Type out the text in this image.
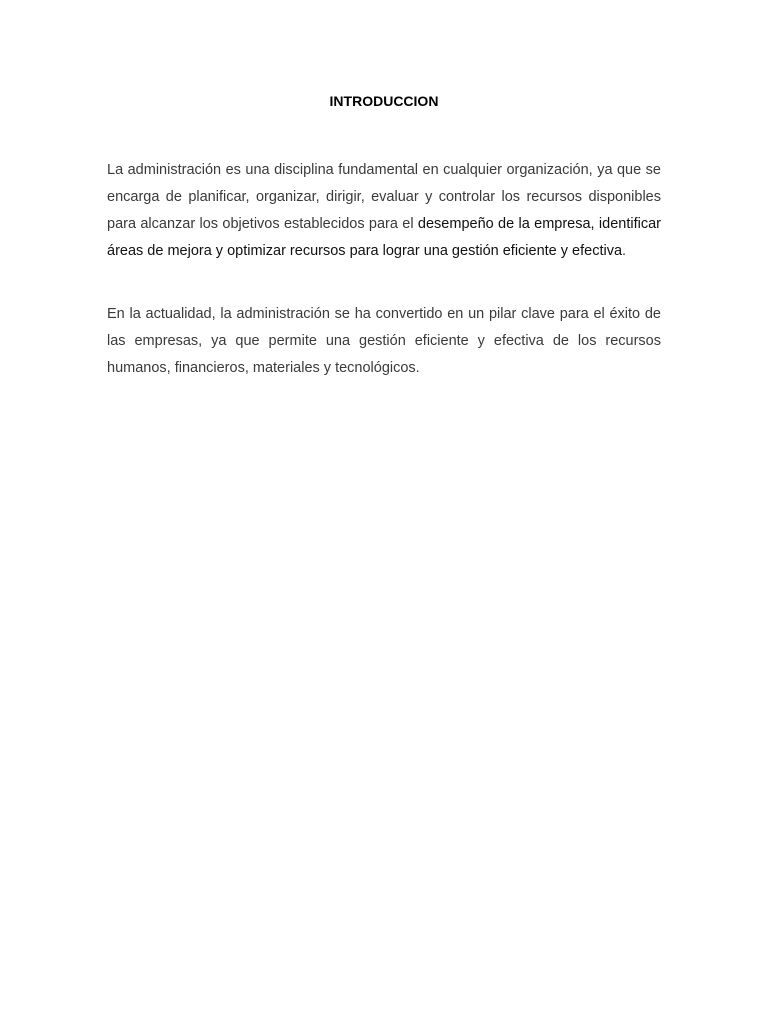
INTRODUCCION

La administración es una disciplina fundamental en cualquier organización, ya que se encarga de planificar, organizar, dirigir, evaluar y controlar los recursos disponibles para alcanzar los objetivos establecidos para el desempeño de la empresa, identificar áreas de mejora y optimizar recursos para lograr una gestión eficiente y efectiva.

En la actualidad, la administración se ha convertido en un pilar clave para el éxito de las empresas, ya que permite una gestión eficiente y efectiva de los recursos humanos, financieros, materiales y tecnológicos.
